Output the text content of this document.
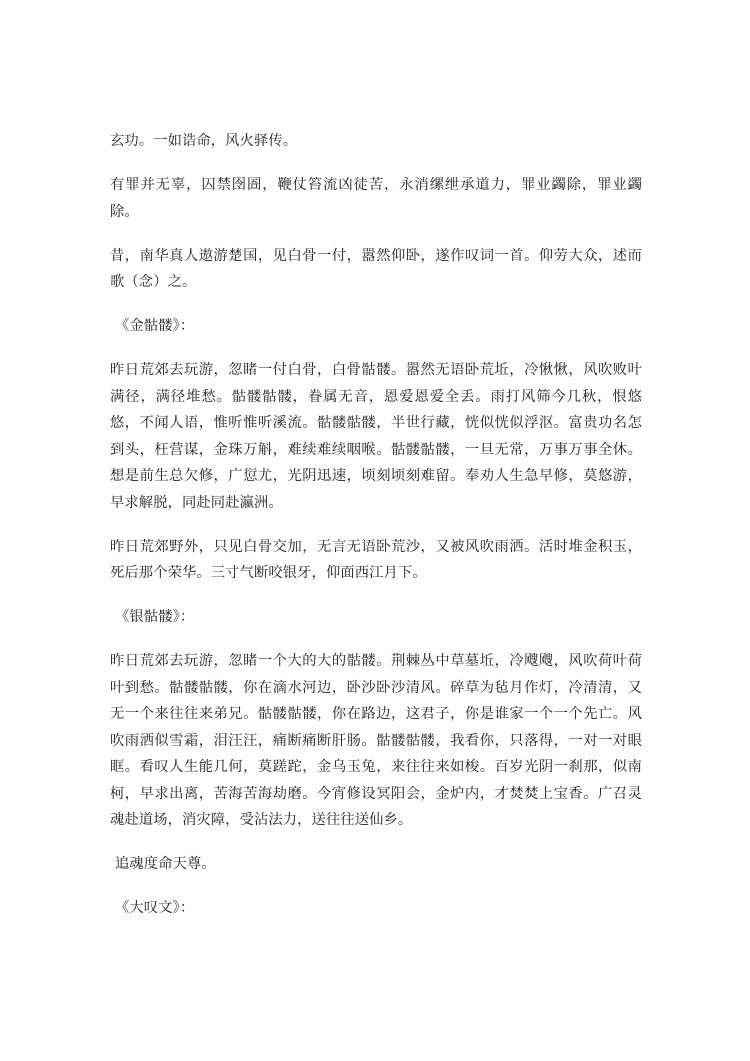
玄功。一如诰命，风火驿传。

有罪并无辜，囚禁囹圄，鞭仗笞流凶徒苦，永消缧绁承道力，罪业蠲除，罪业蠲除。

昔，南华真人遨游楚国，见白骨一付，嚣然仰卧，遂作叹词一首。仰劳大众，述而歌（念）之。

《金骷髅》：

昨日荒郊去玩游，忽睹一付白骨，白骨骷髅。嚣然无语卧荒坵，冷愀愀，风吹败叶满径，满径堆愁。骷髅骷髅，眷属无音，恩爱恩爱全丢。雨打风筛今几秋，恨悠悠，不闻人语，惟听惟听溪流。骷髅骷髅，半世行藏，恍似恍似浮沤。富贵功名怎到头，枉营谋，金珠万斛，难续难续咽喉。骷髅骷髅，一旦无常，万事万事全休。想是前生总欠修，广愆尤，光阴迅速，顷刻顷刻难留。奉劝人生急早修，莫悠游，早求解脱，同赴同赴瀛洲。

昨日荒郊野外，只见白骨交加，无言无语卧荒沙，又被风吹雨洒。活时堆金积玉，死后那个荣华。三寸气断咬银牙，仰面西江月下。

《银骷髅》：

昨日荒郊去玩游，忽睹一个大的大的骷髅。荆棘丛中草墓坵，冷飕飕，风吹荷叶荷叶到愁。骷髅骷髅，你在滴水河边，卧沙卧沙清风。碎草为毡月作灯，冷清清，又无一个来往往来弟兄。骷髅骷髅，你在路边，这君子，你是谁家一个一个先亡。风吹雨洒似雪霜，泪汪汪，痛断痛断肝肠。骷髅骷髅，我看你，只落得，一对一对眼眶。看叹人生能几何，莫蹉跎，金乌玉兔，来往往来如梭。百岁光阴一刹那，似南柯，早求出离，苦海苦海劫磨。今宵修设冥阳会，金炉内，才焚焚上宝香。广召灵魂赴道场，消灾障，受沾法力，送往往送仙乡。

追魂度命天尊。

《大叹文》：
